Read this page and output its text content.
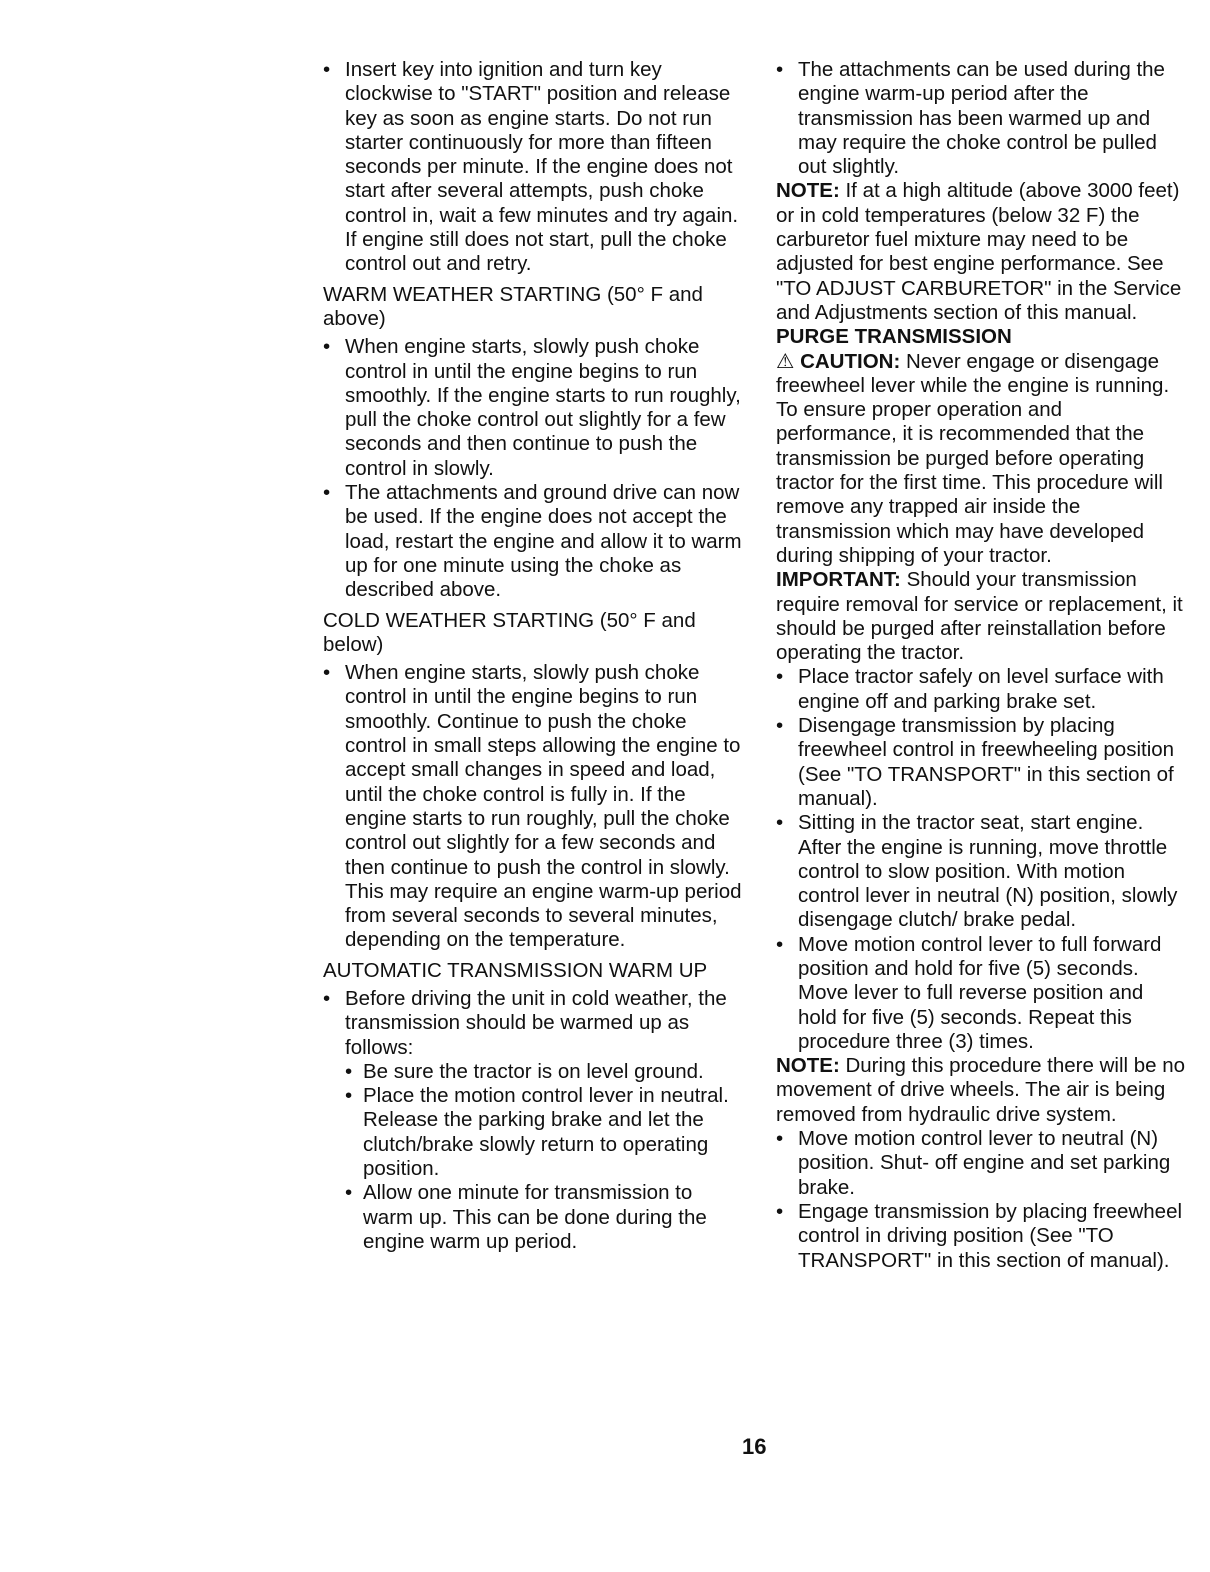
• Insert key into ignition and turn key clockwise to "START" position and release key as soon as engine starts. Do not run starter continuously for more than fifteen seconds per minute. If the engine does not start after several attempts, push choke control in, wait a few minutes and try again. If engine still does not start, pull the choke control out and retry.
WARM WEATHER STARTING (50° F and above)
• When engine starts, slowly push choke control in until the engine begins to run smoothly. If the engine starts to run roughly, pull the choke control out slightly for a few seconds and then continue to push the control in slowly.
• The attachments and ground drive can now be used. If the engine does not accept the load, restart the engine and allow it to warm up for one minute using the choke as described above.
COLD WEATHER STARTING (50° F and below)
• When engine starts, slowly push choke control in until the engine begins to run smoothly. Continue to push the choke control in small steps allowing the engine to accept small changes in speed and load, until the choke control is fully in. If the engine starts to run roughly, pull the choke control out slightly for a few seconds and then continue to push the control in slowly. This may require an engine warm-up period from several seconds to several minutes, depending on the temperature.
AUTOMATIC TRANSMISSION WARM UP
• Before driving the unit in cold weather, the transmission should be warmed up as follows:
• Be sure the tractor is on level ground.
• Place the motion control lever in neutral. Release the parking brake and let the clutch/brake slowly return to operating position.
• Allow one minute for transmission to warm up. This can be done during the engine warm up period.
• The attachments can be used during the engine warm-up period after the transmission has been warmed up and may require the choke control be pulled out slightly.
NOTE: If at a high altitude (above 3000 feet) or in cold temperatures (below 32 F) the carburetor fuel mixture may need to be adjusted for best engine performance. See "TO ADJUST CARBURETOR" in the Service and Adjustments section of this manual.
PURGE TRANSMISSION
⚠ CAUTION: Never engage or disengage freewheel lever while the engine is running.
To ensure proper operation and performance, it is recommended that the transmission be purged before operating tractor for the first time. This procedure will remove any trapped air inside the transmission which may have developed during shipping of your tractor.
IMPORTANT: Should your transmission require removal for service or replacement, it should be purged after reinstallation before operating the tractor.
• Place tractor safely on level surface with engine off and parking brake set.
• Disengage transmission by placing freewheel control in freewheeling position (See "TO TRANSPORT" in this section of manual).
• Sitting in the tractor seat, start engine. After the engine is running, move throttle control to slow position. With motion control lever in neutral (N) position, slowly disengage clutch/ brake pedal.
• Move motion control lever to full forward position and hold for five (5) seconds. Move lever to full reverse position and hold for five (5) seconds. Repeat this procedure three (3) times.
NOTE: During this procedure there will be no movement of drive wheels. The air is being removed from hydraulic drive system.
• Move motion control lever to neutral (N) position. Shut- off engine and set parking brake.
• Engage transmission by placing freewheel control in driving position (See "TO TRANSPORT" in this section of manual).
16
